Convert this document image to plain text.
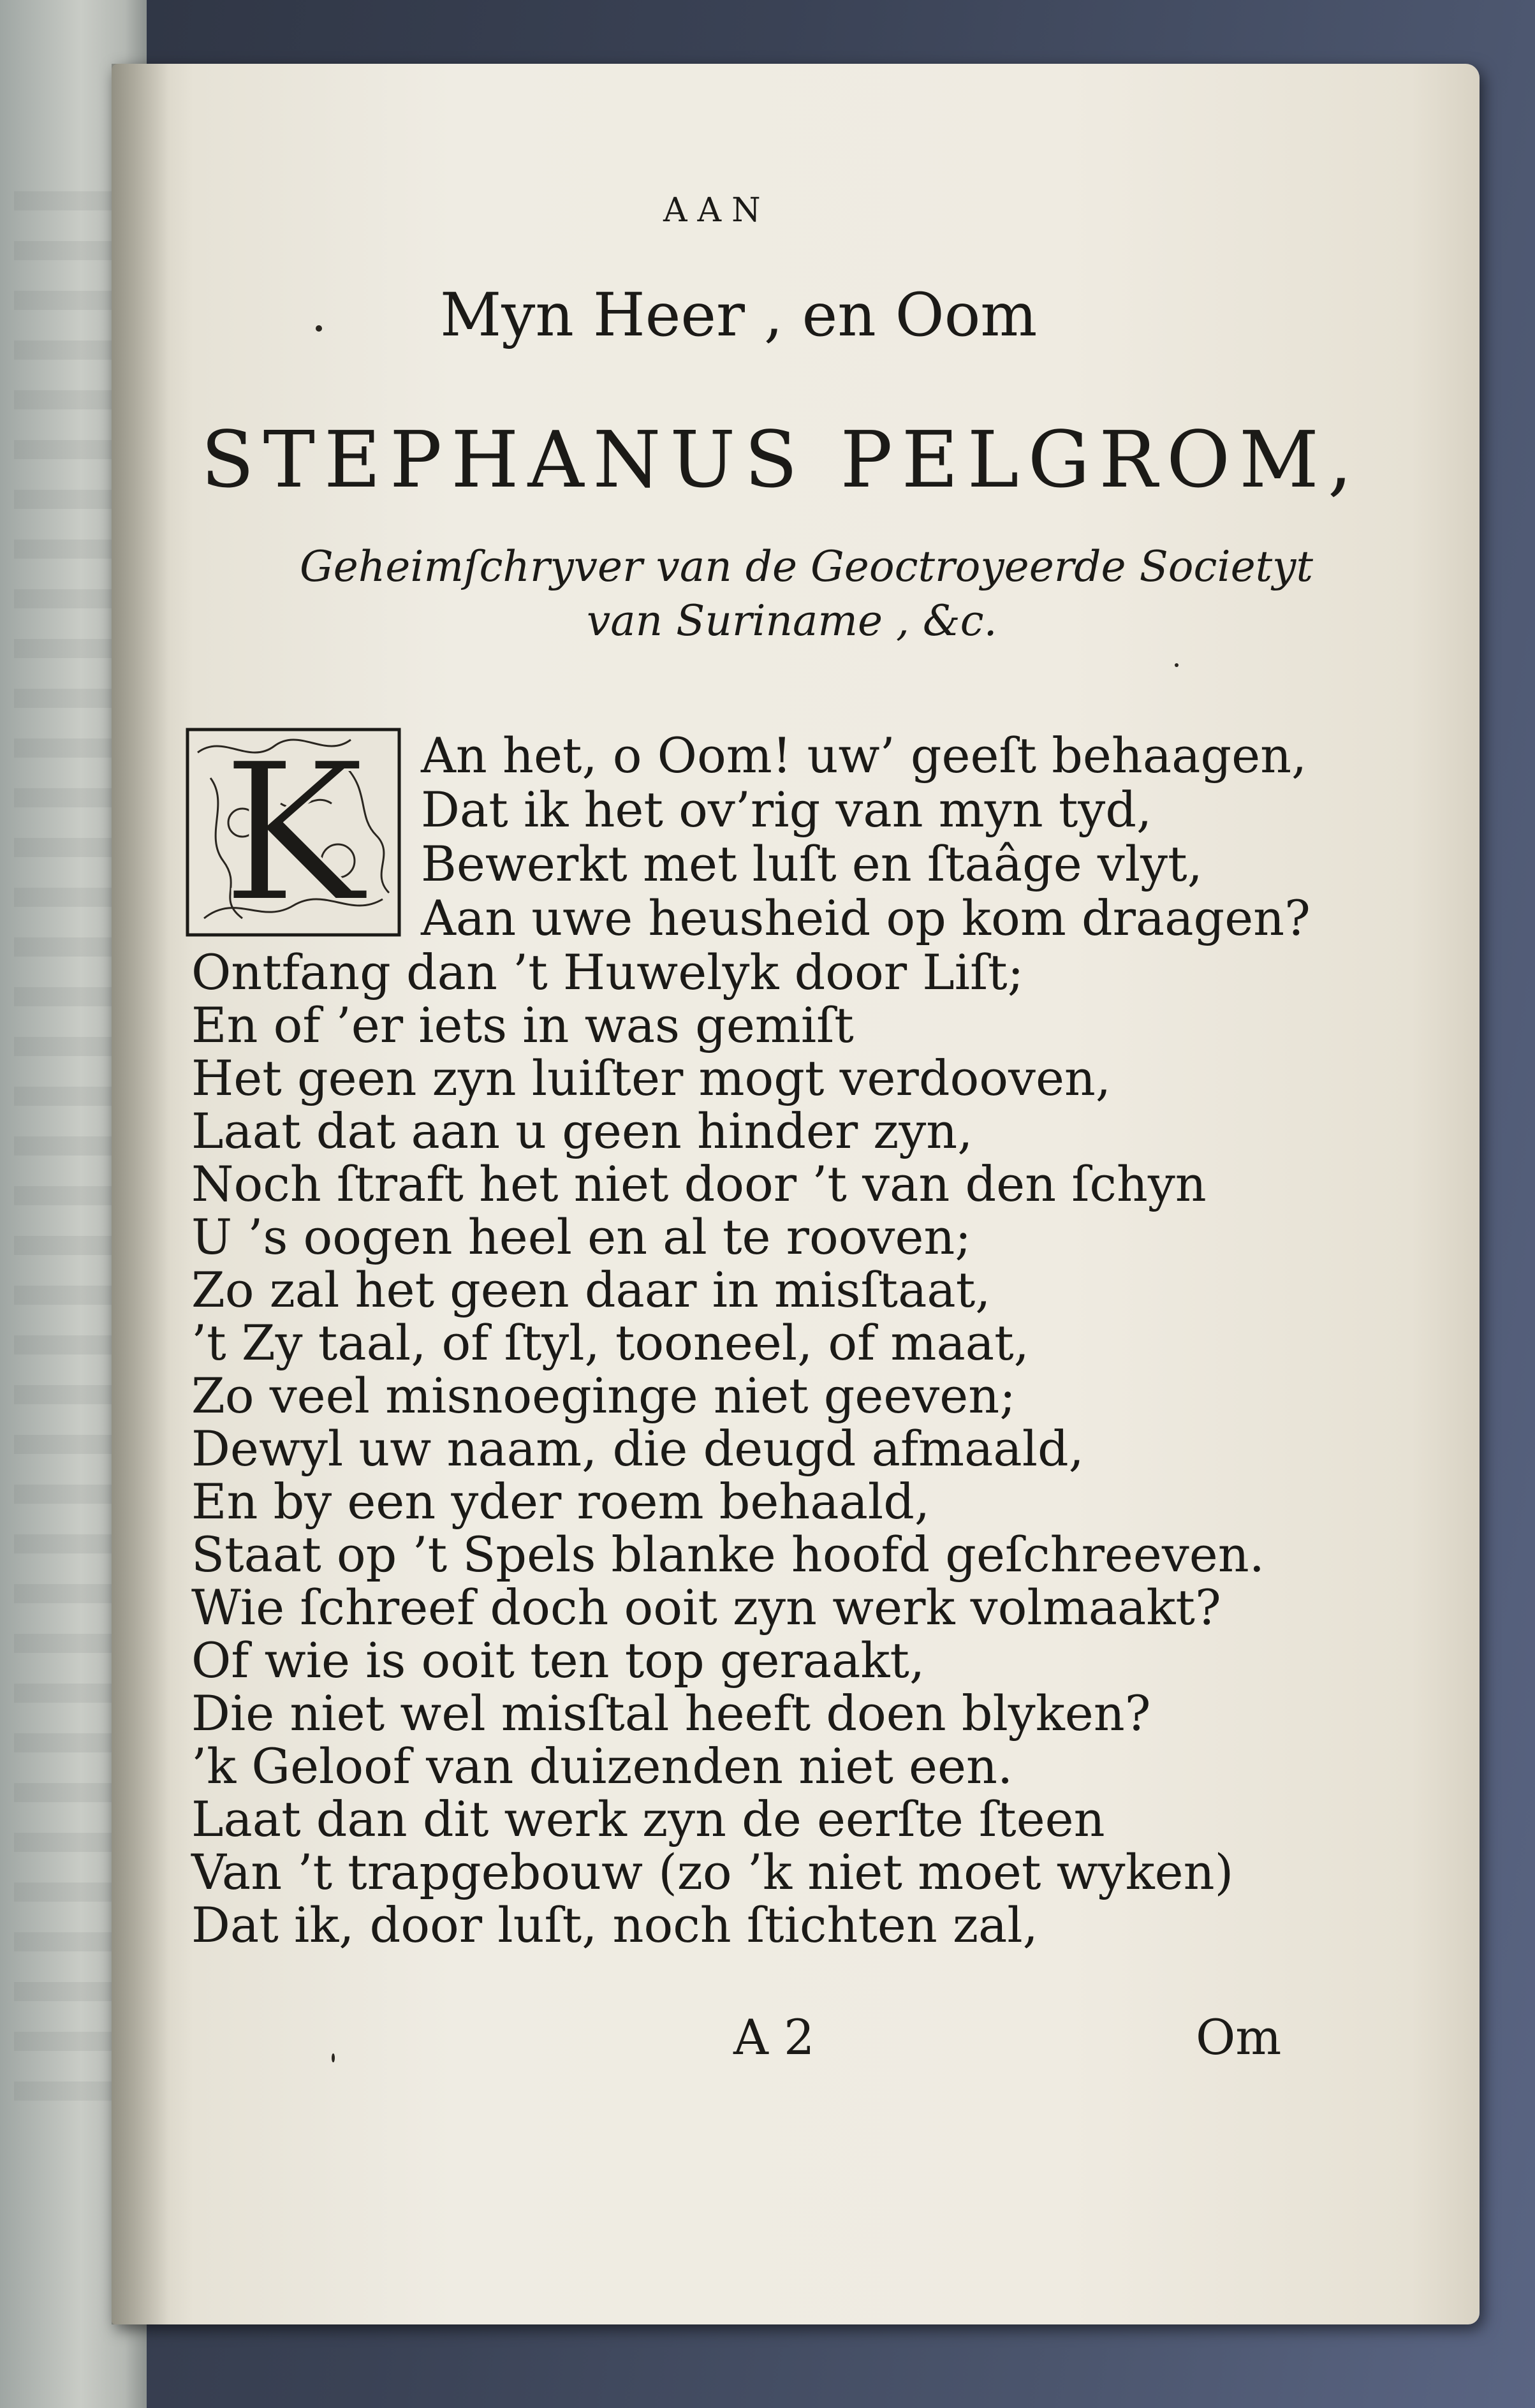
AAN
Myn Heer , en Oom
STEPHANUS PELGROM,
Geheimſchryver van de Geoctroyeerde Societyt
van Suriname , &c.
K An het, o Oom! uw’ geeſt behaagen,
Dat ik het ov’rig van myn tyd,
Bewerkt met luſt en ſtaâge vlyt,
Aan uwe heusheid op kom draagen?
Ontfang dan ’t Huwelyk door Liſt;
En of ’er iets in was gemiſt
Het geen zyn luiſter mogt verdooven,
Laat dat aan u geen hinder zyn,
Noch ſtraft het niet door ’t van den ſchyn
U ’s oogen heel en al te rooven;
Zo zal het geen daar in misſtaat,
’t Zy taal, of ſtyl, tooneel, of maat,
Zo veel misnoeginge niet geeven;
Dewyl uw naam, die deugd afmaald,
En by een yder roem behaald,
Staat op ’t Spels blanke hoofd geſchreeven.
Wie ſchreef doch ooit zyn werk volmaakt?
Of wie is ooit ten top geraakt,
Die niet wel misſtal heeft doen blyken?
’k Geloof van duizenden niet een.
Laat dan dit werk zyn de eerſte ſteen
Van ’t trapgebouw (zo ’k niet moet wyken)
Dat ik, door luſt, noch ſtichten zal,
A 2	Om
